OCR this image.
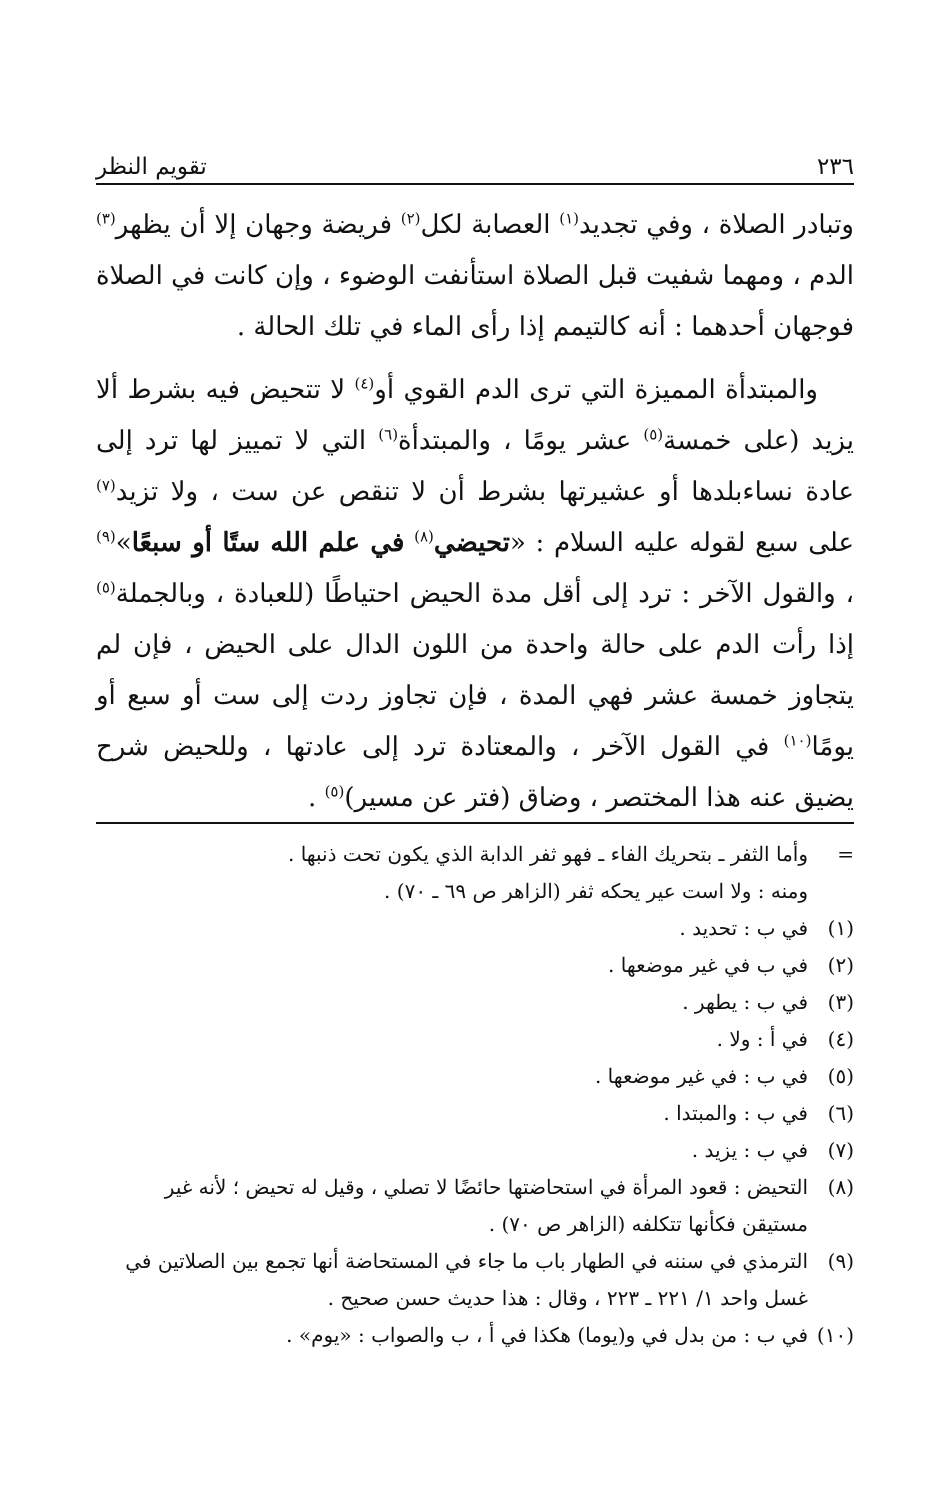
٢٣٦
تقويم النظر

وتبادر الصلاة ، وفي تجديد$^{(١)}$ العصابة لكل$^{(٢)}$ فريضة وجهان إلا أن يظهر$^{(٣)}$ الدم ، ومهما شفيت قبل الصلاة استأنفت الوضوء ، وإن كانت في الصلاة فوجهان أحدهما : أنه كالتيمم إذا رأى الماء في تلك الحالة .

والمبتدأة المميزة التي ترى الدم القوي أو$^{(٤)}$ لا تتحيض فيه بشرط ألا يزيد (على خمسة$^{(٥)}$ عشر يومًا ، والمبتدأة$^{(٦)}$ التي لا تمييز لها ترد إلى عادة نساءبلدها أو عشيرتها بشرط أن لا تنقص عن ست ، ولا تزيد$^{(٧)}$ على سبع لقوله عليه السلام : «تحيضي$^{(٨)}$ في علم الله ستًا أو سبعًا»$^{(٩)}$ ، والقول الآخر : ترد إلى أقل مدة الحيض احتياطًا (للعبادة ، وبالجملة$^{(٥)}$ إذا رأت الدم على حالة واحدة من اللون الدال على الحيض ، فإن لم يتجاوز خمسة عشر فهي المدة ، فإن تجاوز ردت إلى ست أو سبع أو يومًا$^{(١٠)}$ في القول الآخر ، والمعتادة ترد إلى عادتها ، وللحيض شرح يضيق عنه هذا المختصر ، وضاق (فتر عن مسير)$^{(٥)}$ .

=
وأما الثفر ـ بتحريك الفاء ـ فهو ثفر الدابة الذي يكون تحت ذنبها .
ومنه : ولا است عير يحكه ثفر (الزاهر ص ٦٩ ـ ٧٠) .
(١)
في ب : تحديد .
(٢)
في ب في غير موضعها .
(٣)
في ب : يطهر .
(٤)
في أ : ولا .
(٥)
في ب : في غير موضعها .
(٦)
في ب : والمبتدا .
(٧)
في ب : يزيد .
(٨)
التحيض : قعود المرأة في استحاضتها حائضًا لا تصلي ، وقيل له تحيض ؛ لأنه غير مستيقن فكأنها تتكلفه (الزاهر ص ٧٠) .
(٩)
الترمذي في سننه في الطهار باب ما جاء في المستحاضة أنها تجمع بين الصلاتين في غسل واحد ١/ ٢٢١ ـ ٢٢٣ ، وقال : هذا حديث حسن صحيح .
(١٠)
في ب : من بدل في و(يوما) هكذا في أ ، ب والصواب : «يوم» .
